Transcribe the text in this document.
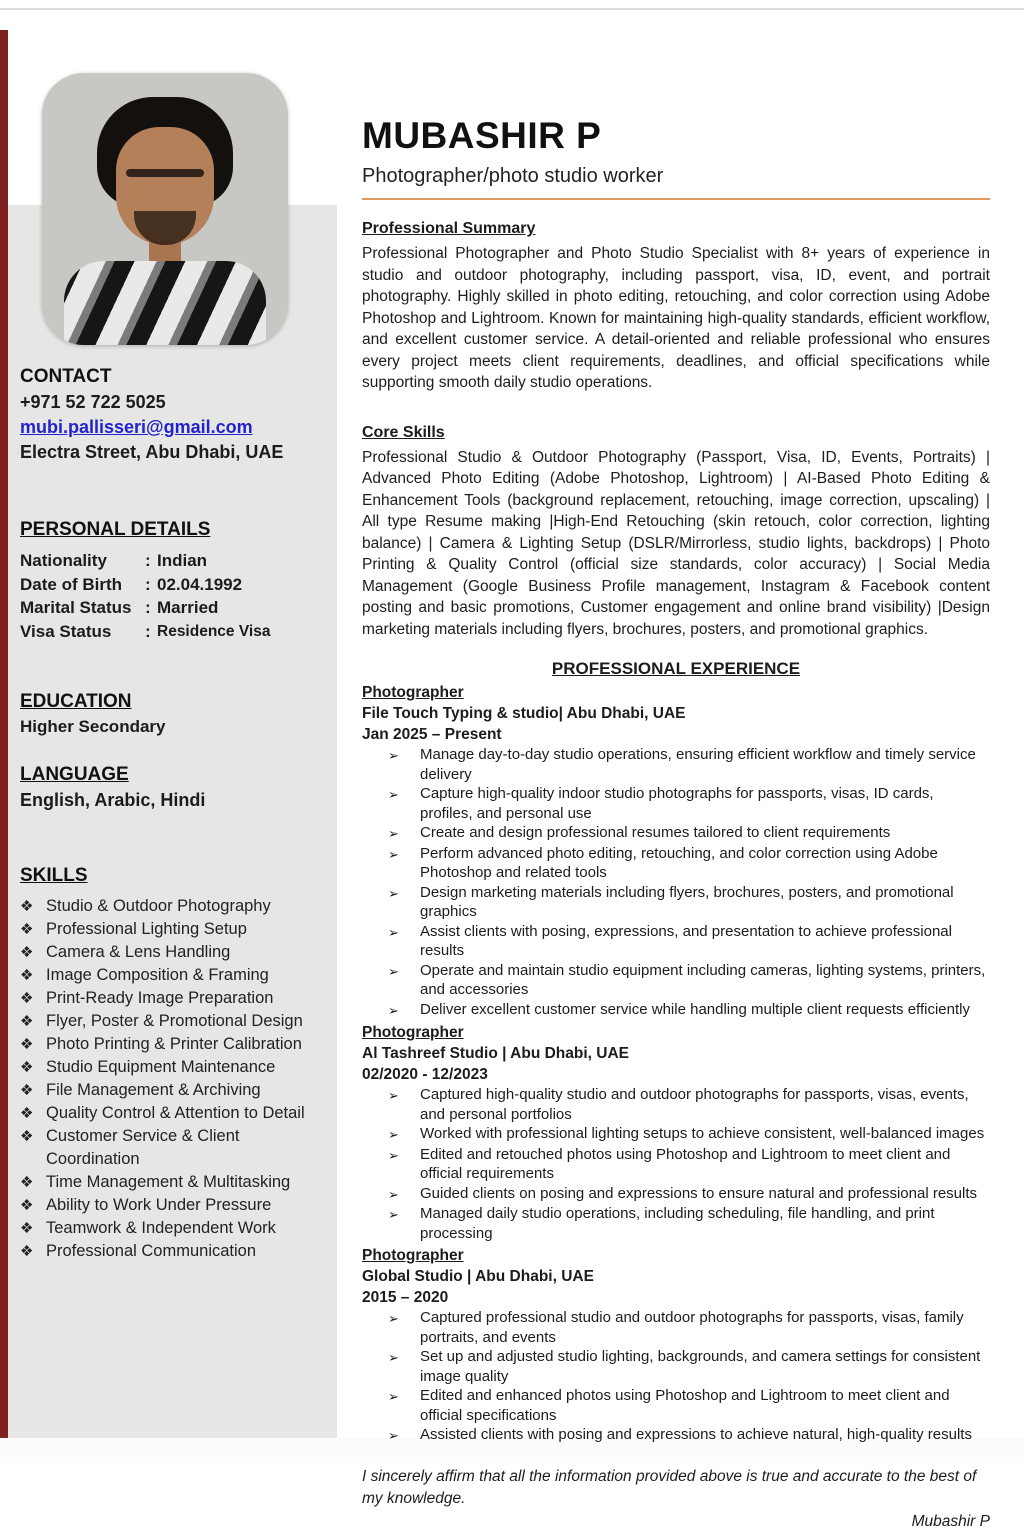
CONTACT
+971 52 722 5025
mubi.pallisseri@gmail.com
Electra Street, Abu Dhabi, UAE
PERSONAL DETAILS
Nationality	: Indian
Date of Birth	: 02.04.1992
Marital Status : Married
Visa Status	: Residence Visa
EDUCATION
Higher Secondary
LANGUAGE
English, Arabic, Hindi
SKILLS
❖ Studio & Outdoor Photography
❖ Professional Lighting Setup
❖ Camera & Lens Handling
❖ Image Composition & Framing
❖ Print-Ready Image Preparation
❖ Flyer, Poster & Promotional Design
❖ Photo Printing & Printer Calibration
❖ Studio Equipment Maintenance
❖ File Management & Archiving
❖ Quality Control & Attention to Detail
❖ Customer Service & Client Coordination
❖ Time Management & Multitasking
❖ Ability to Work Under Pressure
❖ Teamwork & Independent Work
❖ Professional Communication
MUBASHIR P
Photographer/photo studio worker
Professional Summary
Professional Photographer and Photo Studio Specialist with 8+ years of experience in studio and outdoor photography, including passport, visa, ID, event, and portrait photography. Highly skilled in photo editing, retouching, and color correction using Adobe Photoshop and Lightroom. Known for maintaining high-quality standards, efficient workflow, and excellent customer service. A detail-oriented and reliable professional who ensures every project meets client requirements, deadlines, and official specifications while supporting smooth daily studio operations.
Core Skills
Professional Studio & Outdoor Photography (Passport, Visa, ID, Events, Portraits) | Advanced Photo Editing (Adobe Photoshop, Lightroom) | AI-Based Photo Editing & Enhancement Tools (background replacement, retouching, image correction, upscaling) | All type Resume making |High-End Retouching (skin retouch, color correction, lighting balance) | Camera & Lighting Setup (DSLR/Mirrorless, studio lights, backdrops) | Photo Printing & Quality Control (official size standards, color accuracy) | Social Media Management (Google Business Profile management, Instagram & Facebook content posting and basic promotions, Customer engagement and online brand visibility) |Design marketing materials including flyers, brochures, posters, and promotional graphics.
PROFESSIONAL EXPERIENCE
Photographer
File Touch Typing & studio| Abu Dhabi, UAE
Jan 2025 – Present
➢	Manage day-to-day studio operations, ensuring efficient workflow and timely service delivery
➢	Capture high-quality indoor studio photographs for passports, visas, ID cards, profiles, and personal use
➢	Create and design professional resumes tailored to client requirements
➢	Perform advanced photo editing, retouching, and color correction using Adobe Photoshop and related tools
➢	Design marketing materials including flyers, brochures, posters, and promotional graphics
➢	Assist clients with posing, expressions, and presentation to achieve professional results
➢	Operate and maintain studio equipment including cameras, lighting systems, printers, and accessories
➢	Deliver excellent customer service while handling multiple client requests efficiently
Photographer
Al Tashreef Studio | Abu Dhabi, UAE
02/2020 - 12/2023
➢	Captured high-quality studio and outdoor photographs for passports, visas, events, and personal portfolios
➢	Worked with professional lighting setups to achieve consistent, well-balanced images
➢	Edited and retouched photos using Photoshop and Lightroom to meet client and official requirements
➢	Guided clients on posing and expressions to ensure natural and professional results
➢	Managed daily studio operations, including scheduling, file handling, and print processing
Photographer
Global Studio | Abu Dhabi, UAE
2015 – 2020
➢	Captured professional studio and outdoor photographs for passports, visas, family portraits, and events
➢	Set up and adjusted studio lighting, backgrounds, and camera settings for consistent image quality
➢	Edited and enhanced photos using Photoshop and Lightroom to meet client and official specifications
➢	Assisted clients with posing and expressions to achieve natural, high-quality results
I sincerely affirm that all the information provided above is true and accurate to the best of my knowledge.
Mubashir P
